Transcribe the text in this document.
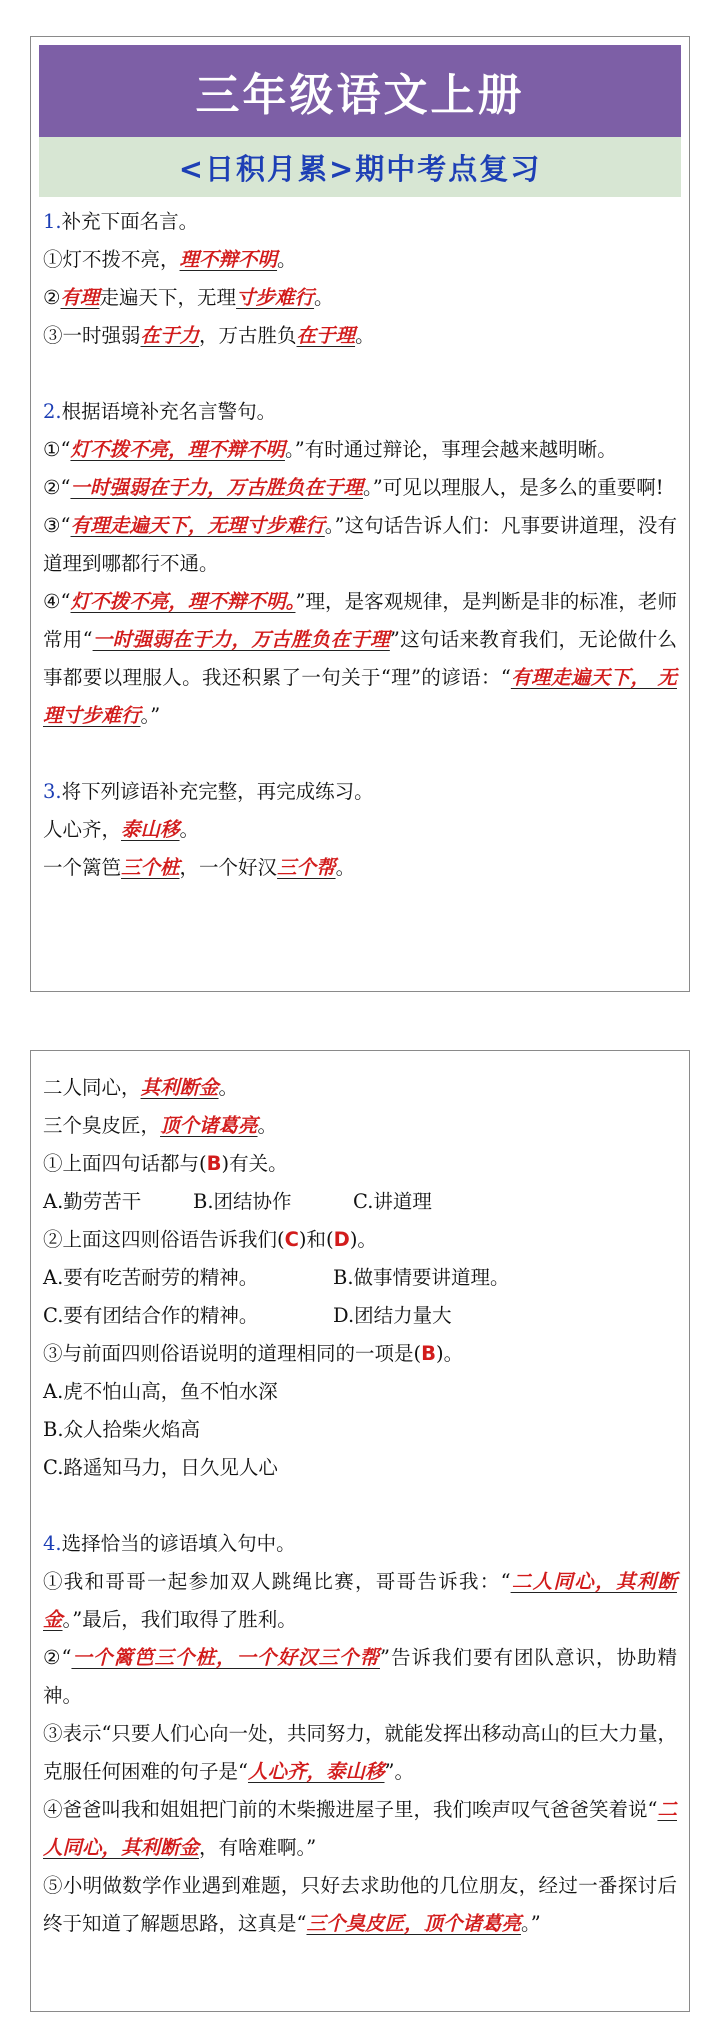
三年级语文上册
<日积月累>期中考点复习
1.补充下面名言。
①灯不拨不亮，理不辩不明。
②有理走遍天下，无理寸步难行。
③一时强弱在于力，万古胜负在于理。
2.根据语境补充名言警句。
①“灯不拨不亮，理不辩不明。”有时通过辩论，事理会越来越明晰。
②“一时强弱在于力，万古胜负在于理。”可见以理服人，是多么的重要啊!
③“有理走遍天下，无理寸步难行。”这句话告诉人们：凡事要讲道理，没有道理到哪都行不通。
④“灯不拨不亮，理不辩不明。”理，是客观规律，是判断是非的标准，老师常用“一时强弱在于力，万古胜负在于理”这句话来教育我们，无论做什么事都要以理服人。我还积累了一句关于“理”的谚语：“有理走遍天下， 无理寸步难行。”
3.将下列谚语补充完整，再完成练习。
人心齐，泰山移。
一个篱笆三个桩，一个好汉三个帮。
二人同心，其利断金。
三个臭皮匠，顶个诸葛亮。
①上面四句话都与(B)有关。
A.勤劳苦干	B.团结协作	C.讲道理
②上面这四则俗语告诉我们(C)和(D)。
A.要有吃苦耐劳的精神。	B.做事情要讲道理。
C.要有团结合作的精神。	D.团结力量大
③与前面四则俗语说明的道理相同的一项是(B)。
A.虎不怕山高，鱼不怕水深
B.众人拾柴火焰高
C.路遥知马力，日久见人心
4.选择恰当的谚语填入句中。
①我和哥哥一起参加双人跳绳比赛，哥哥告诉我：“二人同心，其利断金。”最后，我们取得了胜利。
②“一个篱笆三个桩，一个好汉三个帮”告诉我们要有团队意识，协助精神。
③表示“只要人们心向一处，共同努力，就能发挥出移动高山的巨大力量，克服任何困难的句子是“人心齐，泰山移”。
④爸爸叫我和姐姐把门前的木柴搬进屋子里，我们唉声叹气爸爸笑着说“二人同心，其利断金，有啥难啊。”
⑤小明做数学作业遇到难题，只好去求助他的几位朋友，经过一番探讨后终于知道了解题思路，这真是“三个臭皮匠，顶个诸葛亮。”
